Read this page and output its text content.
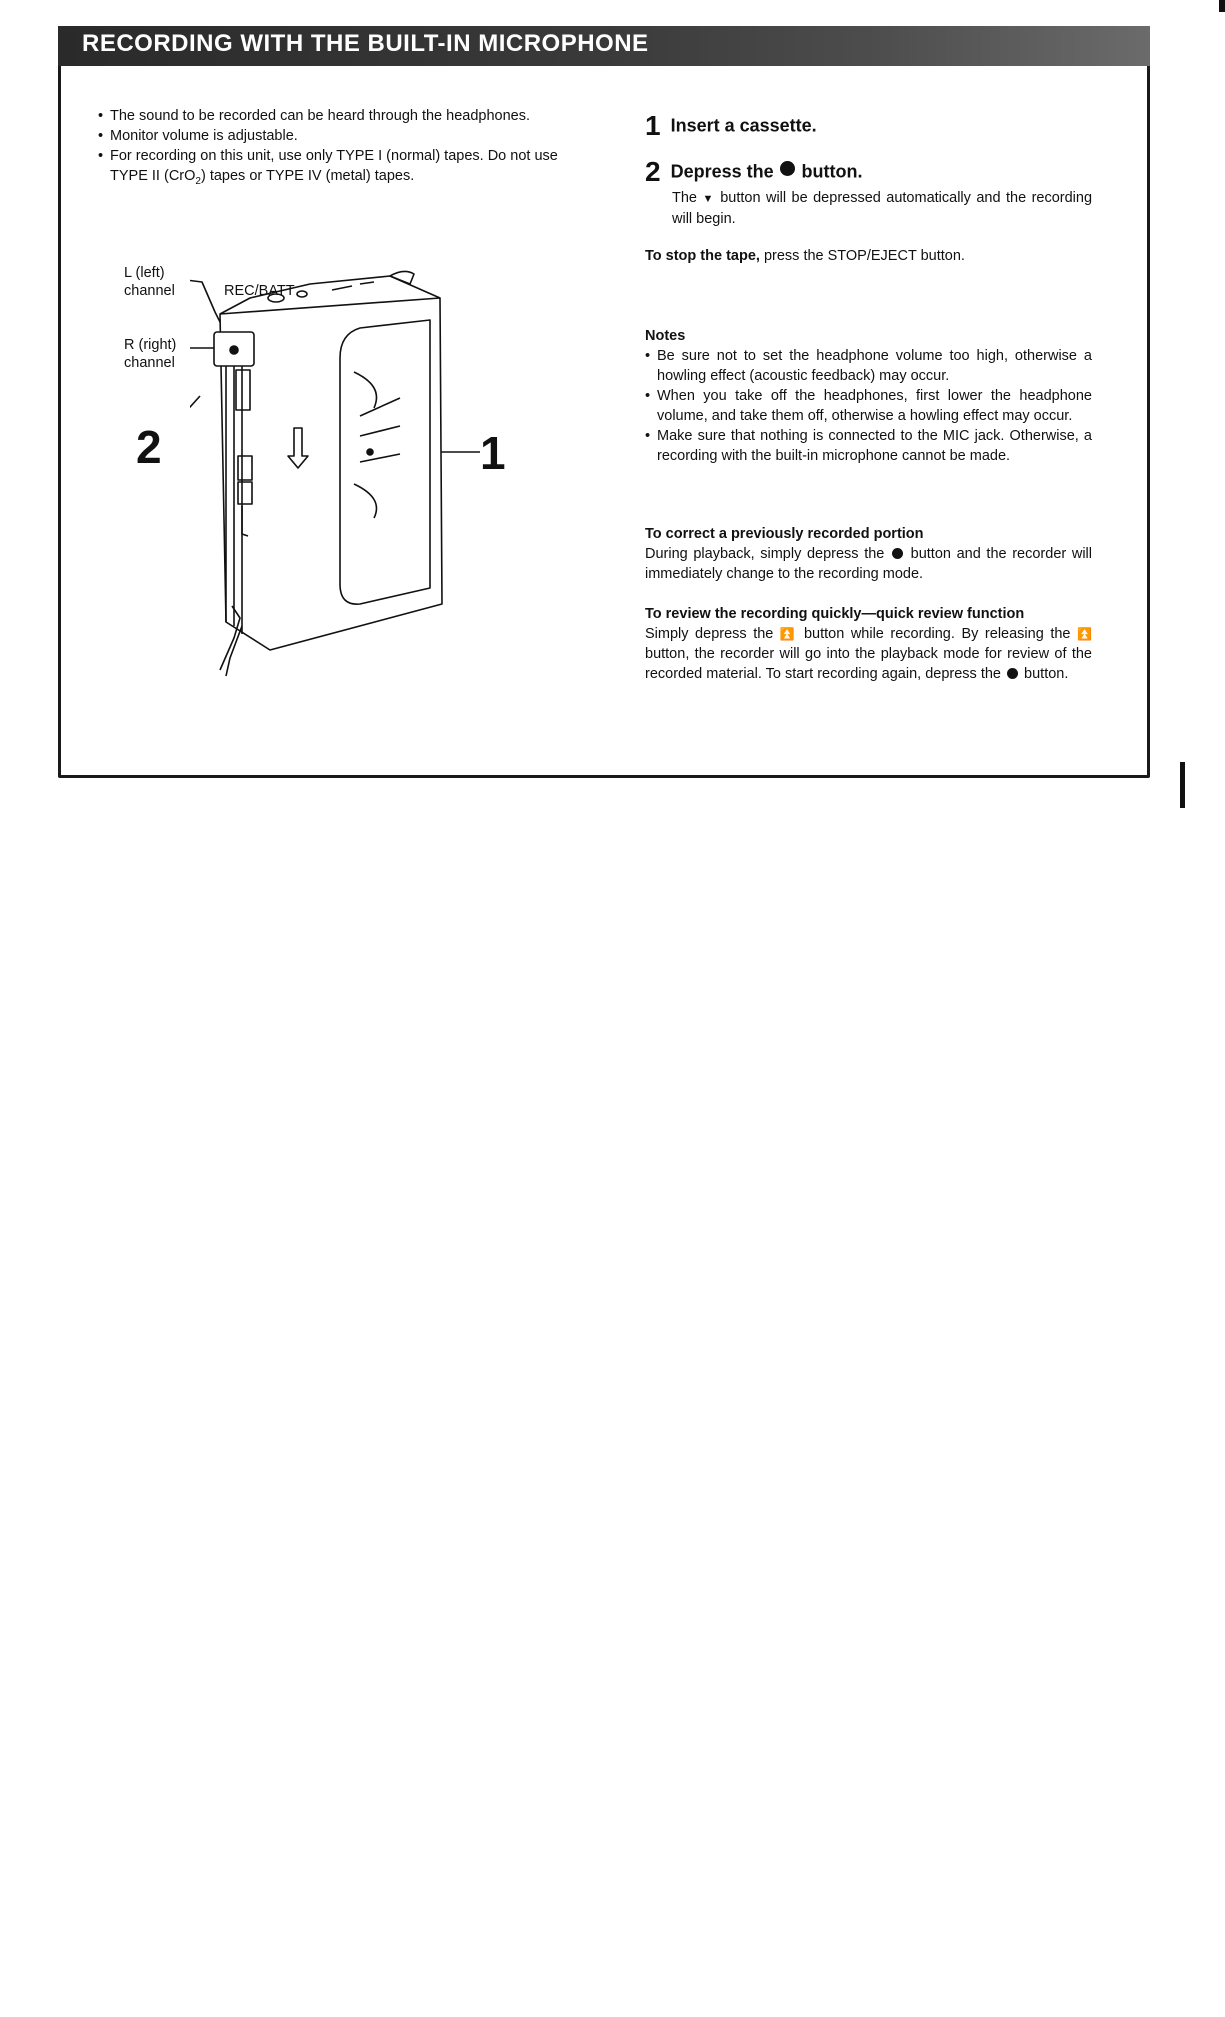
RECORDING WITH THE BUILT-IN MICROPHONE
• The sound to be recorded can be heard through the headphones.
• Monitor volume is adjustable.
• For recording on this unit, use only TYPE I (normal) tapes. Do not use TYPE II (CrO$_2$) tapes or TYPE IV (metal) tapes.
L (left)
channel	REC/BATT
R (right)
channel
2	1
1 Insert a cassette.
2 Depress the button.
The ▼ button will be depressed automatically and the recording will begin.
To stop the tape, press the STOP/EJECT button.
Notes
• Be sure not to set the headphone volume too high, otherwise a howling effect (acoustic feedback) may occur.
• When you take off the headphones, first lower the headphone volume, and take them off, otherwise a howling effect may occur.
• Make sure that nothing is connected to the MIC jack. Otherwise, a recording with the built-in microphone cannot be made.
To correct a previously recorded portion
During playback, simply depress the button and the recorder will immediately change to the recording mode.
To review the recording quickly—quick review function
Simply depress the ⏫ button while recording. By releasing the ⏫ button, the recorder will go into the playback mode for review of the recorded material. To start recording again, depress the button.
